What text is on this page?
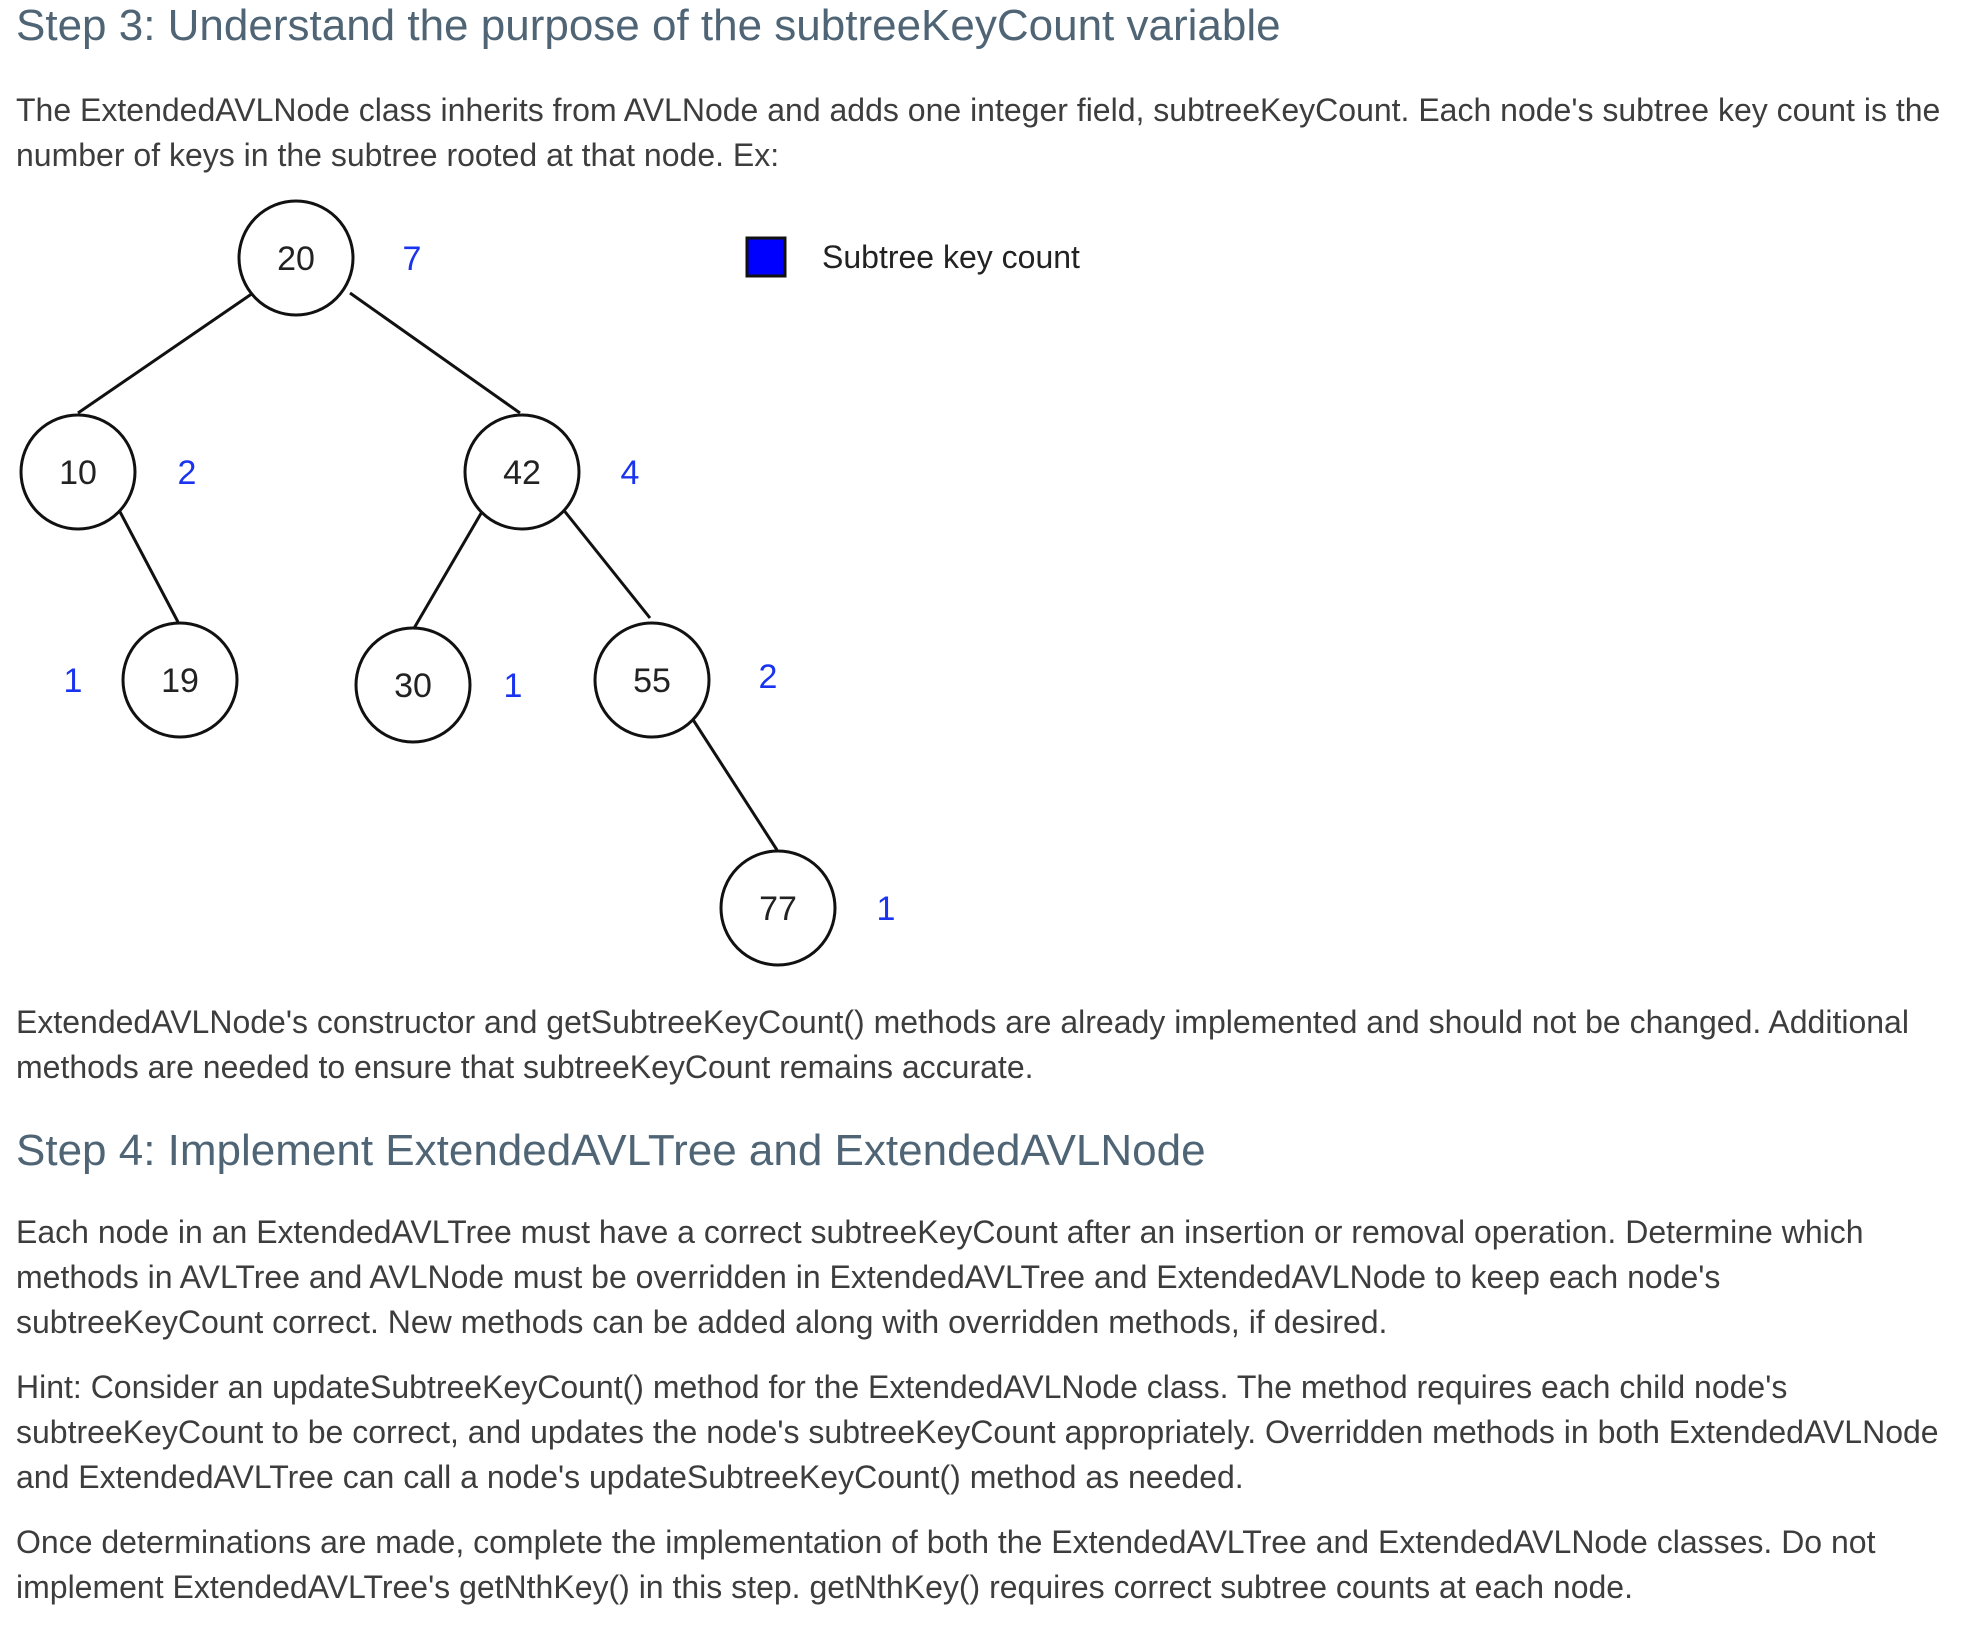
Step 3: Understand the purpose of the subtreeKeyCount variable

The ExtendedAVLNode class inherits from AVLNode and adds one integer field, subtreeKeyCount. Each node's subtree key count is the number of keys in the subtree rooted at that node. Ex:

Subtree key count
20	7
10 2	42 4
19
1	30 1	55	2
77 1

ExtendedAVLNode's constructor and getSubtreeKeyCount() methods are already implemented and should not be changed. Additional methods are needed to ensure that subtreeKeyCount remains accurate.

Step 4: Implement ExtendedAVLTree and ExtendedAVLNode

Each node in an ExtendedAVLTree must have a correct subtreeKeyCount after an insertion or removal operation. Determine which methods in AVLTree and AVLNode must be overridden in ExtendedAVLTree and ExtendedAVLNode to keep each node's subtreeKeyCount correct. New methods can be added along with overridden methods, if desired.

Hint: Consider an updateSubtreeKeyCount() method for the ExtendedAVLNode class. The method requires each child node's subtreeKeyCount to be correct, and updates the node's subtreeKeyCount appropriately. Overridden methods in both ExtendedAVLNode and ExtendedAVLTree can call a node's updateSubtreeKeyCount() method as needed.

Once determinations are made, complete the implementation of both the ExtendedAVLTree and ExtendedAVLNode classes. Do not implement ExtendedAVLTree's getNthKey() in this step. getNthKey() requires correct subtree counts at each node.
